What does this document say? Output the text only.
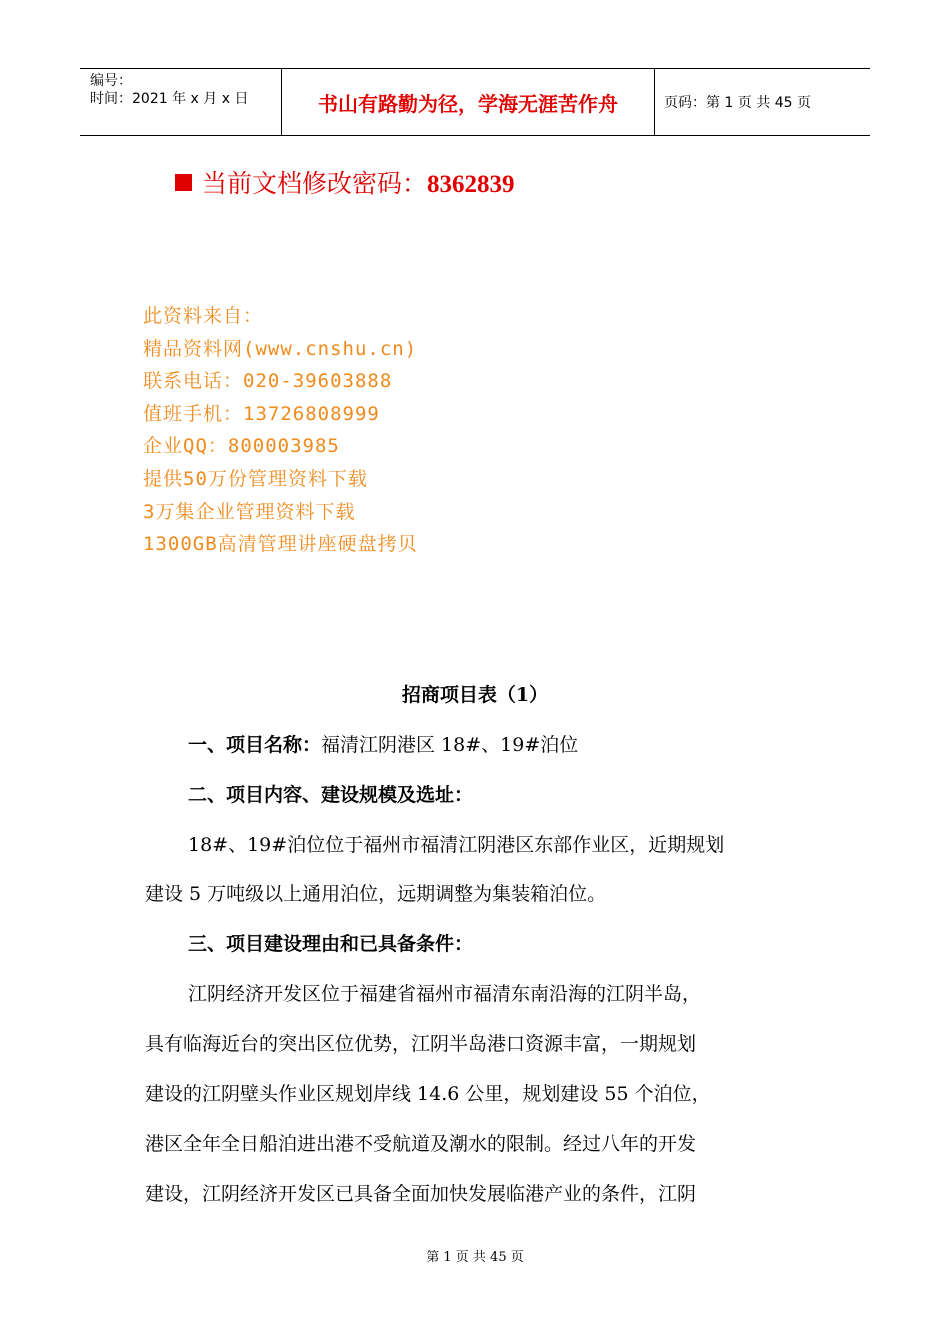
编号：
时间：2021 年 x 月 x 日	书山有路勤为径，学海无涯苦作舟	页码：第 1 页 共 45 页
当前文档修改密码：8362839
此资料来自：
精品资料网(www.cnshu.cn)
联系电话：020-39603888
值班手机：13726808999
企业QQ：800003985
提供50万份管理资料下载
3万集企业管理资料下载
1300GB高清管理讲座硬盘拷贝
招商项目表（1）
一、项目名称：福清江阴港区 18#、19#泊位
二、项目内容、建设规模及选址：
18#、19#泊位位于福州市福清江阴港区东部作业区，近期规划
建设 5 万吨级以上通用泊位，远期调整为集装箱泊位。
三、项目建设理由和已具备条件：
江阴经济开发区位于福建省福州市福清东南沿海的江阴半岛，
具有临海近台的突出区位优势，江阴半岛港口资源丰富，一期规划
建设的江阴壁头作业区规划岸线 14.6 公里，规划建设 55 个泊位，
港区全年全日船泊进出港不受航道及潮水的限制。经过八年的开发
建设，江阴经济开发区已具备全面加快发展临港产业的条件，江阴
第 1 页 共 45 页
